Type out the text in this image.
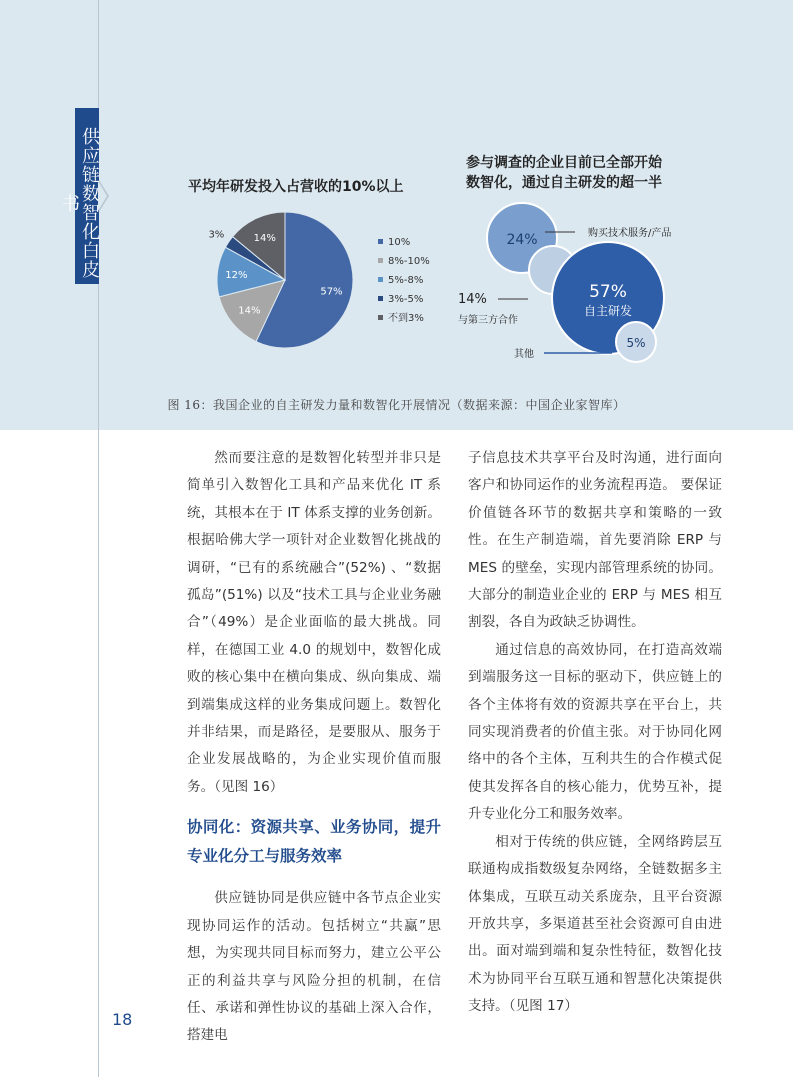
供应链数智化白皮书
平均年研发投入占营收的10%以上
57%
14%
12%
3%	14%	10%
8%-10%
5%-8%
3%-5%
不到3%
参与调查的企业目前已全部开始
数智化，通过自主研发的超一半
24%
57%
自主研发
5%
购买技术服务/产品
14%
与第三方合作
其他
图 16：我国企业的自主研发力量和数智化开展情况（数据来源：中国企业家智库）

然而要注意的是数智化转型并非只是简单引入数智化工具和产品来优化 IT 系统，其根本在于 IT 体系支撑的业务创新。根据哈佛大学一项针对企业数智化挑战的调研，“已有的系统融合”(52%) 、“数据孤岛”(51%) 以及“技术工具与企业业务融合”（49%）是企业面临的最大挑战。同样，在德国工业 4.0 的规划中，数智化成败的核心集中在横向集成、纵向集成、端到端集成这样的业务集成问题上。数智化并非结果，而是路径，是要服从、服务于企业发展战略的，为企业实现价值而服务。（见图 16）

协同化：资源共享、业务协同，提升专业化分工与服务效率

供应链协同是供应链中各节点企业实现协同运作的活动。包括树立“共赢”思想，为实现共同目标而努力，建立公平公正的利益共享与风险分担的机制，在信任、承诺和弹性协议的基础上深入合作，搭建电

子信息技术共享平台及时沟通，进行面向客户和协同运作的业务流程再造。 要保证价值链各环节的数据共享和策略的一致性。在生产制造端，首先要消除 ERP 与 MES 的壁垒，实现内部管理系统的协同。大部分的制造业企业的 ERP 与 MES 相互割裂，各自为政缺乏协调性。

通过信息的高效协同，在打造高效端到端服务这一目标的驱动下，供应链上的各个主体将有效的资源共享在平台上，共同实现消费者的价值主张。对于协同化网络中的各个主体，互利共生的合作模式促使其发挥各自的核心能力，优势互补，提升专业化分工和服务效率。

相对于传统的供应链，全网络跨层互联通构成指数级复杂网络，全链数据多主体集成，互联互动关系庞杂，且平台资源开放共享，多渠道甚至社会资源可自由进出。面对端到端和复杂性特征，数智化技术为协同平台互联互通和智慧化决策提供支持。（见图 17）

18
